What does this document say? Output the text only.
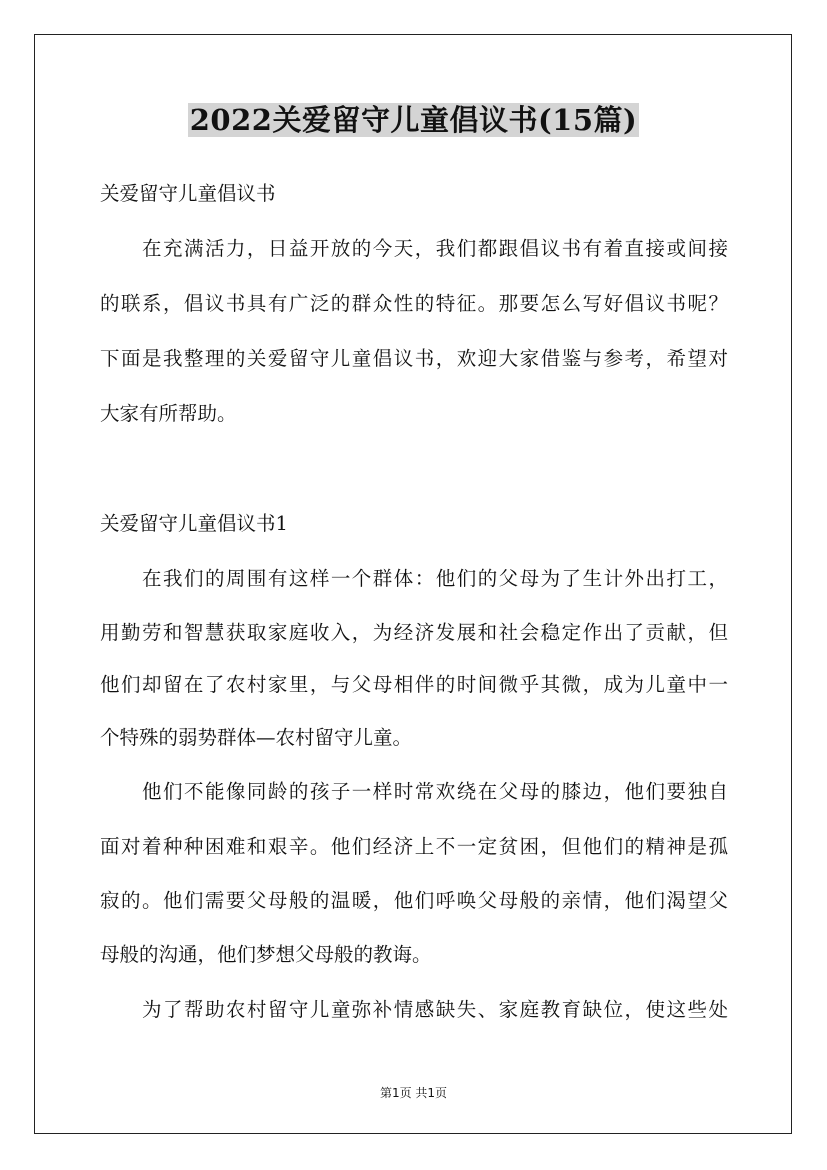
2022关爱留守儿童倡议书(15篇)
关爱留守儿童倡议书
在充满活力，日益开放的今天，我们都跟倡议书有着直接或间接
的联系，倡议书具有广泛的群众性的特征。那要怎么写好倡议书呢？
下面是我整理的关爱留守儿童倡议书，欢迎大家借鉴与参考，希望对
大家有所帮助。
关爱留守儿童倡议书1
在我们的周围有这样一个群体：他们的父母为了生计外出打工，
用勤劳和智慧获取家庭收入，为经济发展和社会稳定作出了贡献，但
他们却留在了农村家里，与父母相伴的时间微乎其微，成为儿童中一
个特殊的弱势群体—农村留守儿童。
他们不能像同龄的孩子一样时常欢绕在父母的膝边，他们要独自
面对着种种困难和艰辛。他们经济上不一定贫困，但他们的精神是孤
寂的。他们需要父母般的温暖，他们呼唤父母般的亲情，他们渴望父
母般的沟通，他们梦想父母般的教诲。
为了帮助农村留守儿童弥补情感缺失、家庭教育缺位，使这些处
第1页 共1页
